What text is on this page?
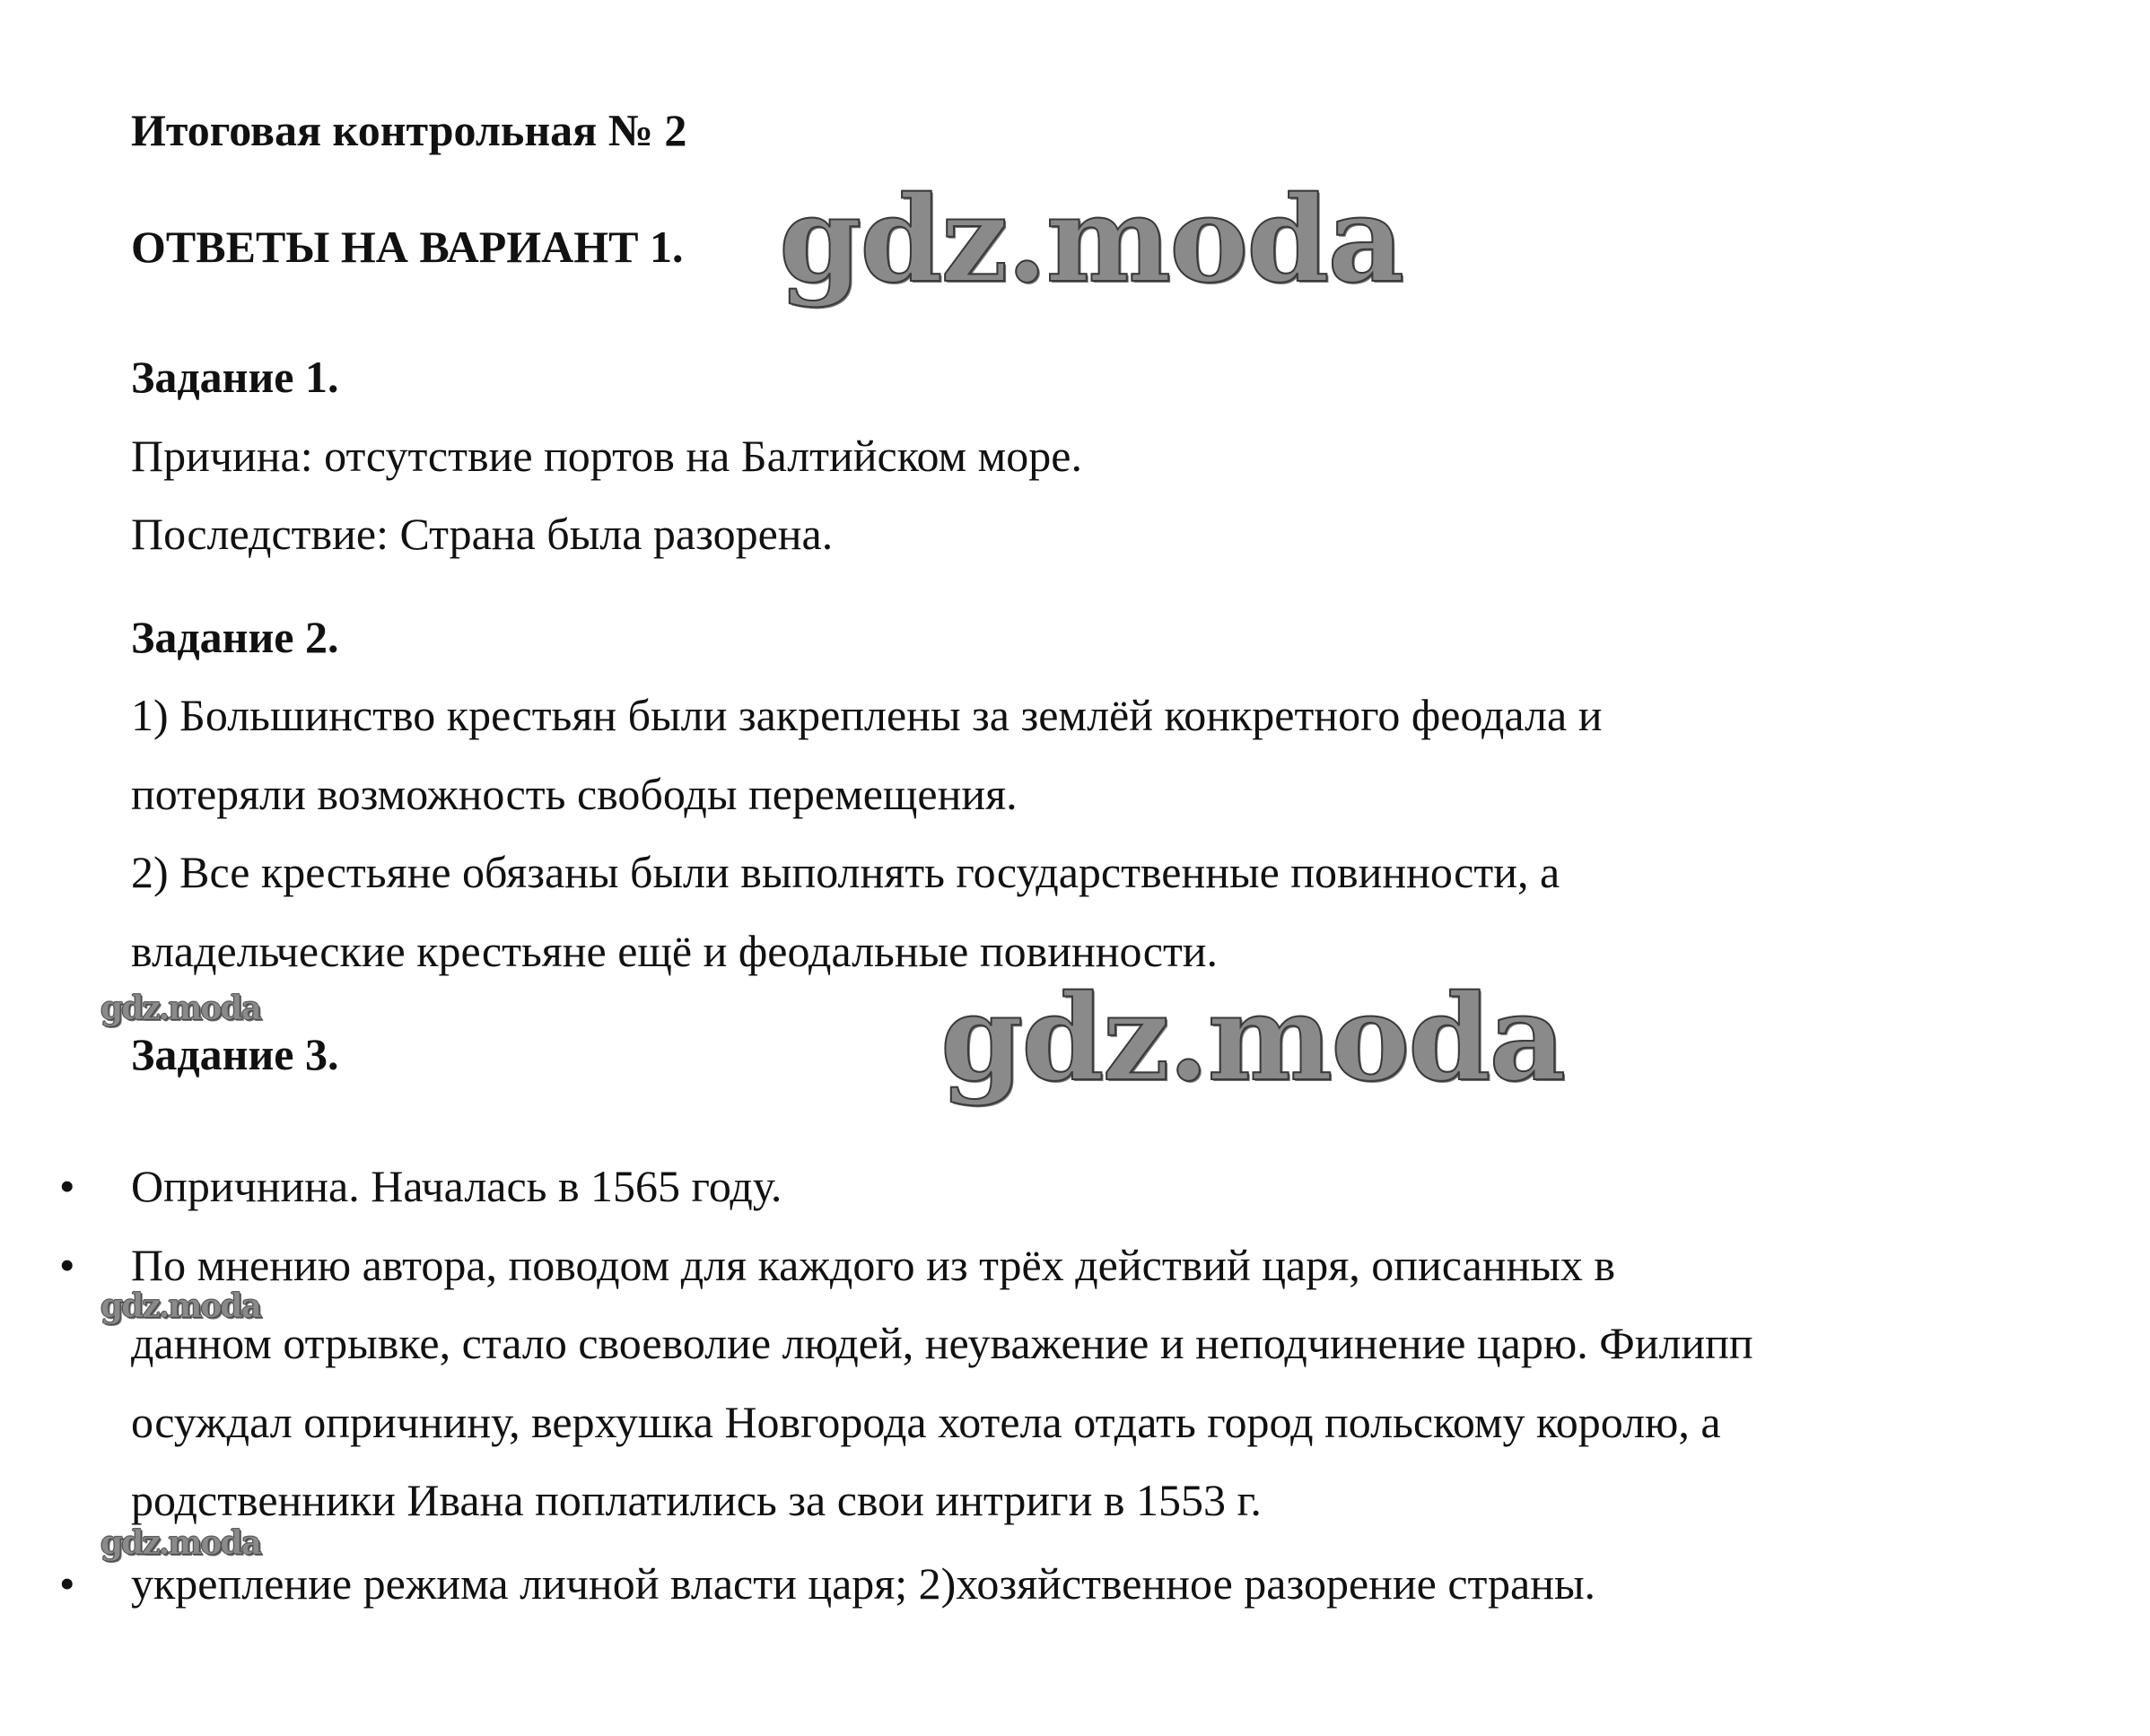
Итоговая контрольная № 2
ОТВЕТЫ НА ВАРИАНТ 1.
Задание 1.
Причина: отсутствие портов на Балтийском море.
Последствие: Страна была разорена.
Задание 2.
1) Большинство крестьян были закреплены за землёй конкретного феодала и
потеряли возможность свободы перемещения.
2) Все крестьяне обязаны были выполнять государственные повинности, а
владельческие крестьяне ещё и феодальные повинности.
Задание 3.
• Опричнина. Началась в 1565 году.
• По мнению автора, поводом для каждого из трёх действий царя, описанных в
данном отрывке, стало своеволие людей, неуважение и неподчинение царю. Филипп
осуждал опричнину, верхушка Новгорода хотела отдать город польскому королю, а
родственники Ивана поплатились за свои интриги в 1553 г.
• укрепление режима личной власти царя; 2)хозяйственное разорение страны.
gdz.moda
gdz.moda
gdz.moda
gdz.moda
gdz.moda
